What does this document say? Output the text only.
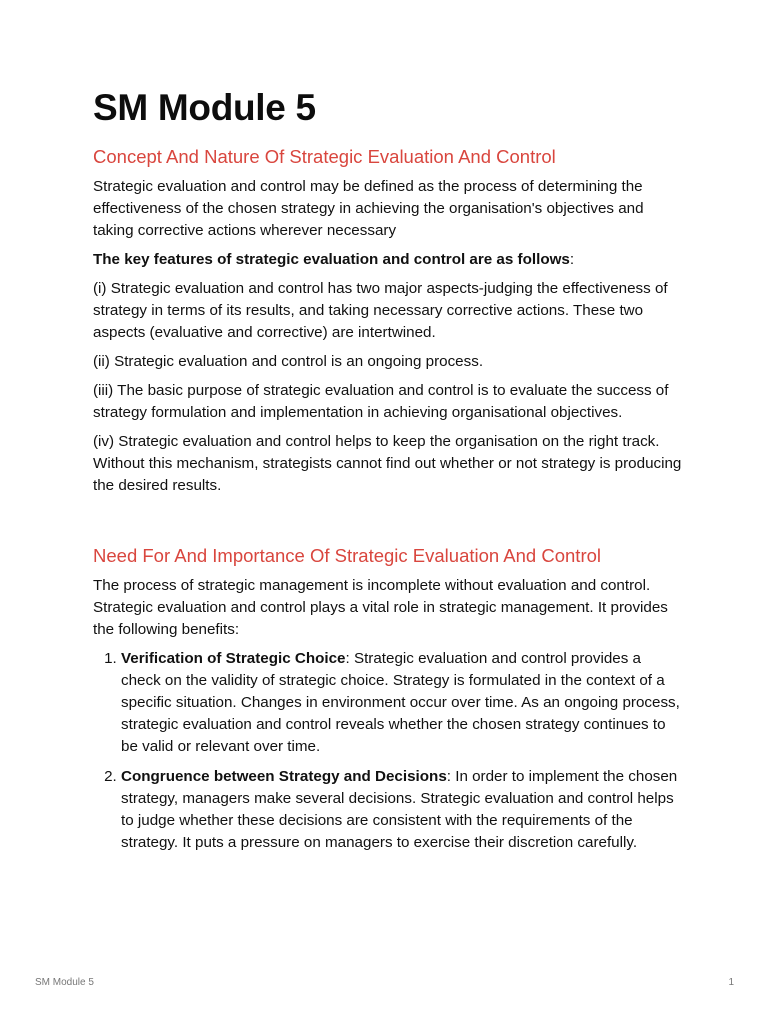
SM Module 5
Concept And Nature Of Strategic Evaluation And Control

Strategic evaluation and control may be defined as the process of determining the effectiveness of the chosen strategy in achieving the organisation's objectives and taking corrective actions wherever necessary

The key features of strategic evaluation and control are as follows:

(i) Strategic evaluation and control has two major aspects-judging the effectiveness of strategy in terms of its results, and taking necessary corrective actions. These two aspects (evaluative and corrective) are intertwined.

(ii) Strategic evaluation and control is an ongoing process.

(iii) The basic purpose of strategic evaluation and control is to evaluate the success of strategy formulation and implementation in achieving organisational objectives.

(iv) Strategic evaluation and control helps to keep the organisation on the right track. Without this mechanism, strategists cannot find out whether or not strategy is producing the desired results.

Need For And Importance Of Strategic Evaluation And Control

The process of strategic management is incomplete without evaluation and control. Strategic evaluation and control plays a vital role in strategic management. It provides the following benefits:

1. Verification of Strategic Choice: Strategic evaluation and control provides a check on the validity of strategic choice. Strategy is formulated in the context of a specific situation. Changes in environment occur over time. As an ongoing process, strategic evaluation and control reveals whether the chosen strategy continues to be valid or relevant over time.
2. Congruence between Strategy and Decisions: In order to implement the chosen strategy, managers make several decisions. Strategic evaluation and control helps to judge whether these decisions are consistent with the requirements of the strategy. It puts a pressure on managers to exercise their discretion carefully.
SM Module 5	1
